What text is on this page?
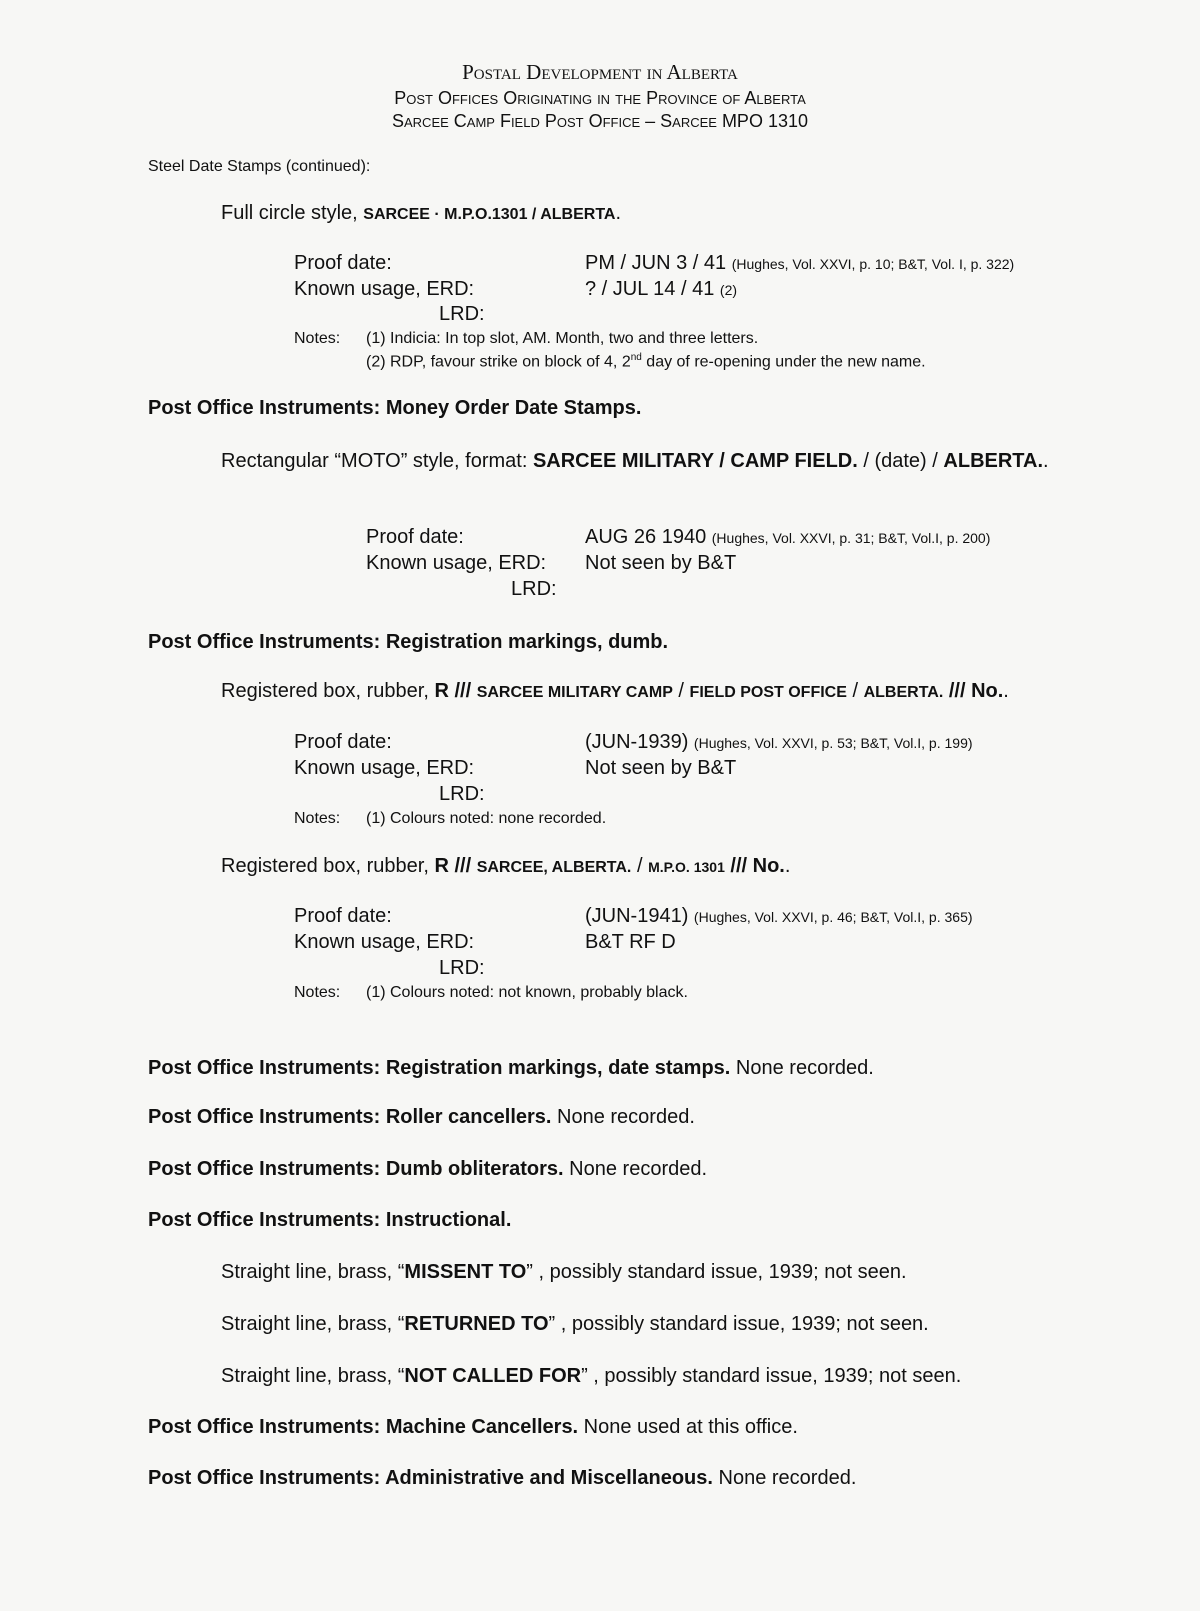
Postal Development in Alberta
Post Offices Originating in the Province of Alberta
Sarcee Camp Field Post Office – Sarcee MPO 1310
Steel Date Stamps (continued):
Full circle style, SARCEE · M.P.O.1301 / ALBERTA.
Proof date:	PM / JUN 3 / 41 (Hughes, Vol. XXVI, p. 10; B&T, Vol. I, p. 322)
Known usage, ERD:	? / JUL 14 / 41 (2)
LRD:
Notes: (1) Indicia: In top slot, AM. Month, two and three letters.
(2) RDP, favour strike on block of 4, 2nd day of re-opening under the new name.
Post Office Instruments: Money Order Date Stamps.
Rectangular “MOTO” style, format: SARCEE MILITARY / CAMP FIELD. / (date) / ALBERTA..
Proof date:	AUG 26 1940 (Hughes, Vol. XXVI, p. 31; B&T, Vol.I, p. 200)
Known usage, ERD: Not seen by B&T
LRD:
Post Office Instruments: Registration markings, dumb.
Registered box, rubber, R /// SARCEE MILITARY CAMP / FIELD POST OFFICE / ALBERTA. /// No..
Proof date:	(JUN-1939) (Hughes, Vol. XXVI, p. 53; B&T, Vol.I, p. 199)
Known usage, ERD:	Not seen by B&T
LRD:
Notes: (1) Colours noted: none recorded.
Registered box, rubber, R /// SARCEE, ALBERTA. / M.P.O. 1301 /// No..
Proof date:	(JUN-1941) (Hughes, Vol. XXVI, p. 46; B&T, Vol.I, p. 365)
Known usage, ERD:	B&T RF D
LRD:
Notes: (1) Colours noted: not known, probably black.
Post Office Instruments: Registration markings, date stamps. None recorded.
Post Office Instruments: Roller cancellers. None recorded.
Post Office Instruments: Dumb obliterators. None recorded.
Post Office Instruments: Instructional.
Straight line, brass, “MISSENT TO” , possibly standard issue, 1939; not seen.
Straight line, brass, “RETURNED TO” , possibly standard issue, 1939; not seen.
Straight line, brass, “NOT CALLED FOR” , possibly standard issue, 1939; not seen.
Post Office Instruments: Machine Cancellers. None used at this office.
Post Office Instruments: Administrative and Miscellaneous. None recorded.
